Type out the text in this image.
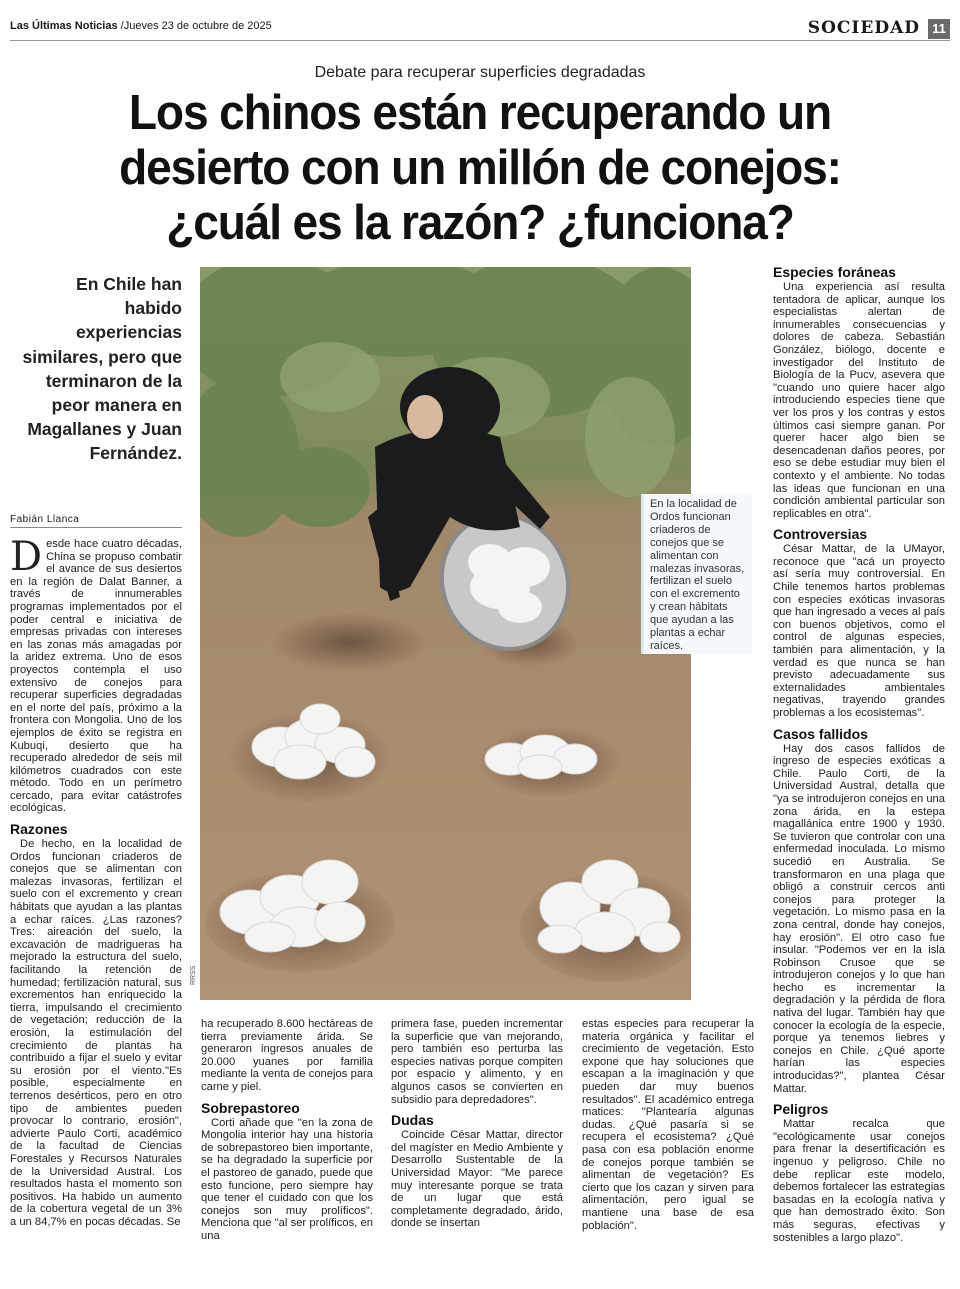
Las Últimas Noticias /Jueves 23 de octubre de 2025	SOCIEDAD 11
Debate para recuperar superficies degradadas
Los chinos están recuperando un desierto con un millón de conejos: ¿cuál es la razón? ¿funciona?
En Chile han habido experiencias similares, pero que terminaron de la peor manera en Magallanes y Juan Fernández.
Fabián Llanca
D esde hace cuatro décadas, China se propuso combatir el avance de sus desiertos en la región de Dalat Banner, a través de innumerables programas implementados por el poder central e iniciativa de empresas privadas con intereses en las zonas más amagadas por la aridez extrema. Uno de esos proyectos contempla el uso extensivo de conejos para recuperar superficies degradadas en el norte del país, próximo a la frontera con Mongolia. Uno de los ejemplos de éxito se registra en Kubuqi, desierto que ha recuperado alrededor de seis mil kilómetros cuadrados con este método. Todo en un perímetro cercado, para evitar catástrofes ecológicas.

Razones

De hecho, en la localidad de Ordos funcionan criaderos de conejos que se alimentan con malezas invasoras, fertilizan el suelo con el excremento y crean hábitats que ayudan a las plantas a echar raíces. ¿Las razones? Tres: aireación del suelo, la excavación de madrigueras ha mejorado la estructura del suelo, facilitando la retención de humedad; fertilización natural, sus excrementos han enriquecido la tierra, impulsando el crecimiento de vegetación; reducción de la erosión, la estimulación del crecimiento de plantas ha contribuido a fijar el suelo y evitar su erosión por el viento."Es posible, especialmente en terrenos desérticos, pero en otro tipo de ambientes pueden provocar lo contrario, erosión", advierte Paulo Corti, académico de la facultad de Ciencias Forestales y Recursos Naturales de la Universidad Austral. Los resultados hasta el momento son positivos. Ha habido un aumento de la cobertura vegetal de un 3% a un 84,7% en pocas décadas. Se

RRSS
En la localidad de Ordos funcionan criaderos de conejos que se alimentan con malezas invasoras, fertilizan el suelo con el excremento y crean hábitats que ayudan a las plantas a echar raíces.

ha recuperado 8.600 hectáreas de tierra previamente árida. Se generaron ingresos anuales de 20.000 yuanes por familia mediante la venta de conejos para carne y piel.

Sobrepastoreo

Corti añade que "en la zona de Mongolia interior hay una historia de sobrepastoreo bien importante, se ha degradado la superficie por el pastoreo de ganado, puede que esto funcione, pero siempre hay que tener el cuidado con que los conejos son muy prolíficos". Menciona que "al ser prolíficos, en una

primera fase, pueden incrementar la superficie que van mejorando, pero también eso perturba las especies nativas porque compiten por espacio y alimento, y en algunos casos se convierten en subsidio para depredadores".

Dudas

Coincide César Mattar, director del magíster en Medio Ambiente y Desarrollo Sustentable de la Universidad Mayor: "Me parece muy interesante porque se trata de un lugar que está completamente degradado, árido, donde se insertan

estas especies para recuperar la materia orgánica y facilitar el crecimiento de vegetación. Esto expone que hay soluciones que escapan a la imaginación y que pueden dar muy buenos resultados". El académico entrega matices: "Plantearía algunas dudas. ¿Qué pasaría si se recupera el ecosistema? ¿Qué pasa con esa población enorme de conejos porque también se alimentan de vegetación? Es cierto que los cazan y sirven para alimentación, pero igual se mantiene una base de esa población".

Especies foráneas

Una experiencia así resulta tentadora de aplicar, aunque los especialistas alertan de innumerables consecuencias y dolores de cabeza. Sebastián González, biólogo, docente e investigador del Instituto de Biología de la Pucv, asevera que "cuando uno quiere hacer algo introduciendo especies tiene que ver los pros y los contras y estos últimos casi siempre ganan. Por querer hacer algo bien se desencadenan daños peores, por eso se debe estudiar muy bien el contexto y el ambiente. No todas las ideas que funcionan en una condición ambiental particular son replicables en otra".

Controversias

César Mattar, de la UMayor, reconoce que "acá un proyecto así sería muy controversial. En Chile tenemos hartos problemas con especies exóticas invasoras que han ingresado a veces al país con buenos objetivos, como el control de algunas especies, también para alimentación, y la verdad es que nunca se han previsto adecuadamente sus externalidades ambientales negativas, trayendo grandes problemas a los ecosistemas".

Casos fallidos

Hay dos casos fallidos de ingreso de especies exóticas a Chile. Paulo Corti, de la Universidad Austral, detalla que "ya se introdujeron conejos en una zona árida, en la estepa magallánica entre 1900 y 1930. Se tuvieron que controlar con una enfermedad inoculada. Lo mismo sucedió en Australia. Se transformaron en una plaga que obligó a construir cercos anti conejos para proteger la vegetación. Lo mismo pasa en la zona central, donde hay conejos, hay erosión". El otro caso fue insular. "Podemos ver en la isla Robinson Crusoe que se introdujeron conejos y lo que han hecho es incrementar la degradación y la pérdida de flora nativa del lugar. También hay que conocer la ecología de la especie, porque ya tenemos liebres y conejos en Chile. ¿Qué aporte harían las especies introducidas?", plantea César Mattar.

Peligros

Mattar recalca que "ecológicamente usar conejos para frenar la desertificación es ingenuo y peligroso. Chile no debe replicar este modelo, debemos fortalecer las estrategias basadas en la ecología nativa y que han demostrado éxito. Son más seguras, efectivas y sostenibles a largo plazo".
